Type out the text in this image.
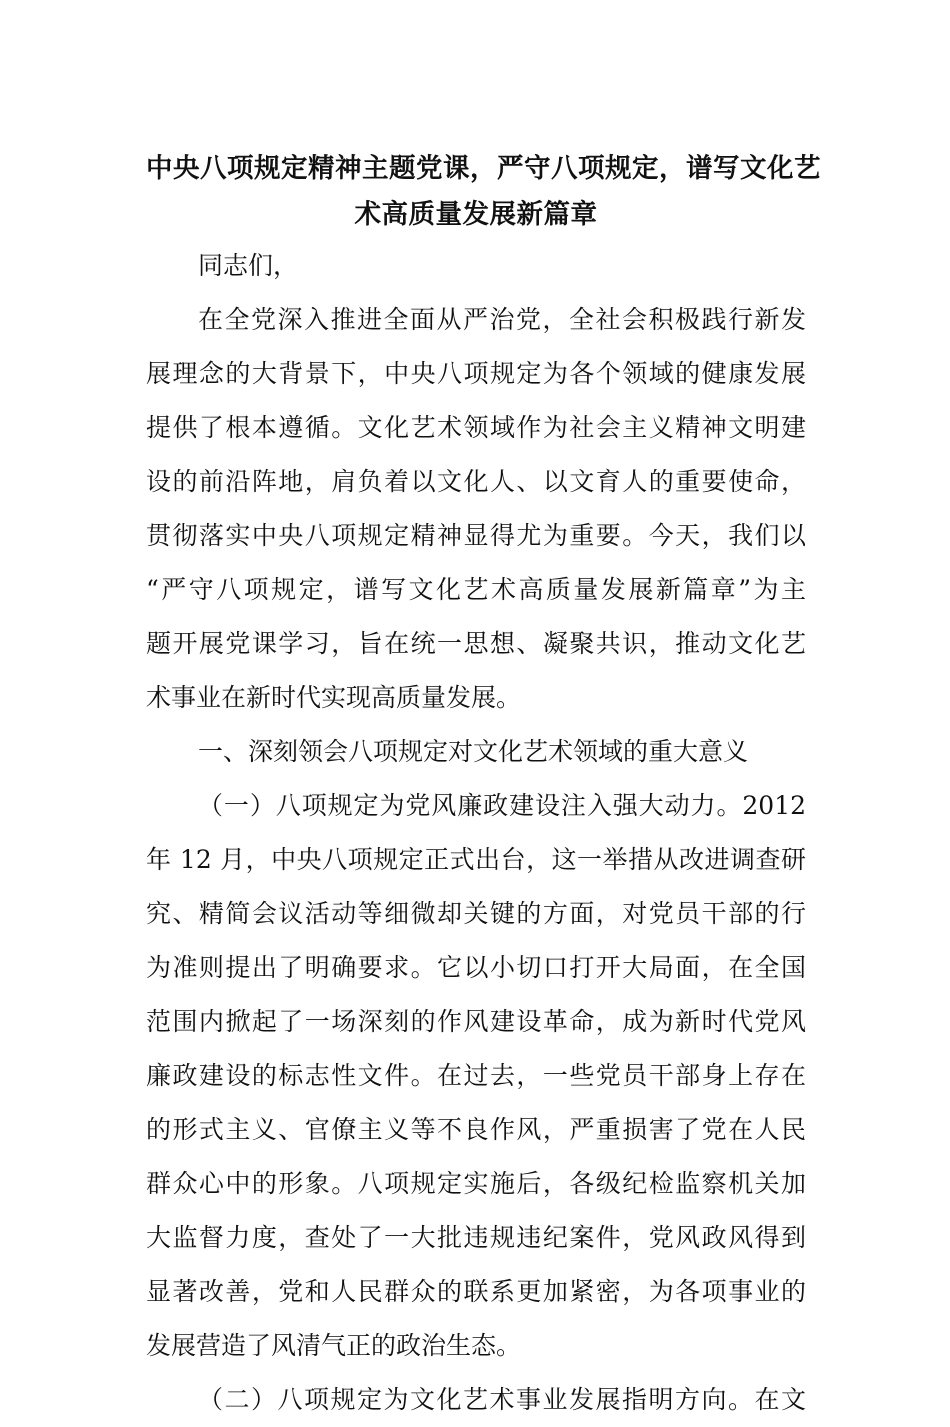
中央八项规定精神主题党课，严守八项规定，谱写文化艺
术高质量发展新篇章
同志们，
在全党深入推进全面从严治党，全社会积极践行新发
展理念的大背景下，中央八项规定为各个领域的健康发展
提供了根本遵循。文化艺术领域作为社会主义精神文明建
设的前沿阵地，肩负着以文化人、以文育人的重要使命，
贯彻落实中央八项规定精神显得尤为重要。今天，我们以
“严守八项规定，谱写文化艺术高质量发展新篇章”为主
题开展党课学习，旨在统一思想、凝聚共识，推动文化艺
术事业在新时代实现高质量发展。
一、深刻领会八项规定对文化艺术领域的重大意义
（一）八项规定为党风廉政建设注入强大动力。2012
年 12 月，中央八项规定正式出台，这一举措从改进调查研
究、精简会议活动等细微却关键的方面，对党员干部的行
为准则提出了明确要求。它以小切口打开大局面，在全国
范围内掀起了一场深刻的作风建设革命，成为新时代党风
廉政建设的标志性文件。在过去，一些党员干部身上存在
的形式主义、官僚主义等不良作风，严重损害了党在人民
群众心中的形象。八项规定实施后，各级纪检监察机关加
大监督力度，查处了一大批违规违纪案件，党风政风得到
显著改善，党和人民群众的联系更加紧密，为各项事业的
发展营造了风清气正的政治生态。
（二）八项规定为文化艺术事业发展指明方向。在文
